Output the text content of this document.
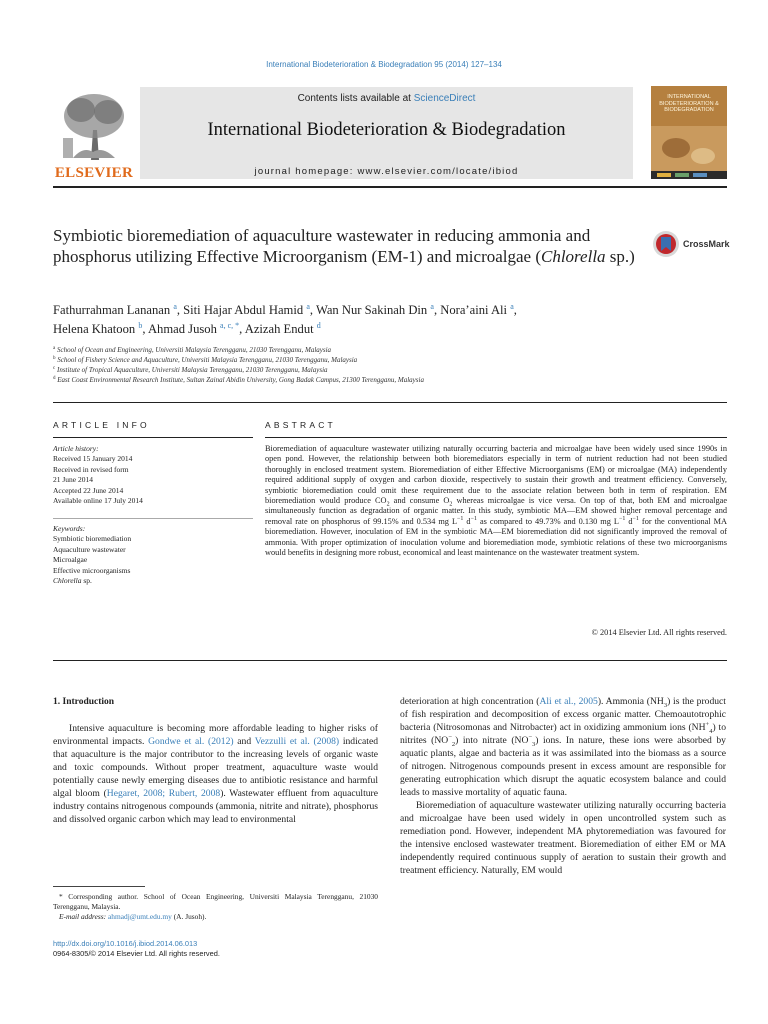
International Biodeterioration & Biodegradation 95 (2014) 127–134
ELSEVIER
Contents lists available at ScienceDirect
International Biodeterioration & Biodegradation
journal homepage: www.elsevier.com/locate/ibiod
INTERNATIONAL BIODETERIORATION & BIODEGRADATION
Symbiotic bioremediation of aquaculture wastewater in reducing ammonia and phosphorus utilizing Effective Microorganism (EM-1) and microalgae (Chlorella sp.)
CrossMark
Fathurrahman Lananan $^a$, Siti Hajar Abdul Hamid $^a$, Wan Nur Sakinah Din $^a$, Nora’aini Ali $^a$,
Helena Khatoon $^b$, Ahmad Jusoh $^{a, c, *}$, Azizah Endut $^d$
$^a$ School of Ocean and Engineering, Universiti Malaysia Terengganu, 21030 Terengganu, Malaysia
$^b$ School of Fishery Science and Aquaculture, Universiti Malaysia Terengganu, 21030 Terengganu, Malaysia
$^c$ Institute of Tropical Aquaculture, Universiti Malaysia Terengganu, 21030 Terengganu, Malaysia
$^d$ East Coast Environmental Research Institute, Sultan Zainal Abidin University, Gong Badak Campus, 21300 Terengganu, Malaysia
ARTICLE INFO	ABSTRACT
Article history:
Received 15 January 2014
Received in revised form
21 June 2014
Accepted 22 June 2014
Available online 17 July 2014
Keywords:
Symbiotic bioremediation
Aquaculture wastewater
Microalgae
Effective microorganisms
Chlorella sp.
Bioremediation of aquaculture wastewater utilizing naturally occurring bacteria and microalgae have been widely used since 1990s in open pond. However, the relationship between both bioremediators especially in term of nutrient reduction had not been studied thoroughly in enclosed treatment system. Bioremediation of either Effective Microorganisms (EM) or microalgae (MA) independently required additional supply of oxygen and carbon dioxide, respectively to sustain their growth and treatment efficiency. Conversely, symbiotic bioremediation could omit these requirement due to the associate relation between both in term of respiration. EM bioremediation would produce $CO_2$ and consume $O_2$ whereas microalgae is vice versa. On top of that, both EM and microalgae simultaneously function as degradation of organic matter. In this study, symbiotic MA—EM showed higher removal percentage and removal rate on phosphorus of 99.15% and 0.534 mg $L^{-1}$ $d^{-1}$ as compared to 49.73% and 0.130 mg $L^{-1}$ $d^{-1}$ for the conventional MA bioremediation. However, inoculation of EM in the symbiotic MA—EM bioremediation did not significantly improved the removal of ammonia. With proper optimization of inoculation volume and bioremediation mode, symbiotic relations of these two microorganisms would benefits in designing more robust, economical and least maintenance on the wastewater treatment system.
© 2014 Elsevier Ltd. All rights reserved.
1. Introduction

Intensive aquaculture is becoming more affordable leading to higher risks of environmental impacts. Gondwe et al. (2012) and Vezzulli et al. (2008) indicated that aquaculture is the major contributor to the increasing levels of organic waste and toxic compounds. Without proper treatment, aquaculture waste would potentially cause newly emerging diseases due to antibiotic resistance and harmful algal bloom (Hegaret, 2008; Rubert, 2008). Wastewater effluent from aquaculture industry contains nitrogenous compounds (ammonia, nitrite and nitrate), phosphorus and dissolved organic carbon which may lead to environmental

deterioration at high concentration (Ali et al., 2005). Ammonia $(NH_3)$ is the product of fish respiration and decomposition of excess organic matter. Chemoautotrophic bacteria (Nitrosomonas and Nitrobacter) act in oxidizing ammonium ions $(NH^+_4)$ to nitrites $(NO^-_2)$ into nitrate $(NO^-_3)$ ions. In nature, these ions were absorbed by aquatic plants, algae and bacteria as it was assimilated into the biomass as a source of nitrogen. Nitrogenous compounds present in excess amount are responsible for generating eutrophication which disrupt the aquatic ecosystem balance and could leads to massive mortality of aquatic fauna.

Bioremediation of aquaculture wastewater utilizing naturally occurring bacteria and microalgae have been used widely in open uncontrolled system such as remediation pond. However, independent MA phytoremediation was favoured for the intensive enclosed wastewater treatment. Bioremediation of either EM or MA independently required continuous supply of aeration to sustain their growth and treatment efficiency. Naturally, EM would

* Corresponding author. School of Ocean Engineering, Universiti Malaysia Terengganu, 21030 Terengganu, Malaysia.

E-mail address: ahmadj@umt.edu.my (A. Jusoh).

http://dx.doi.org/10.1016/j.ibiod.2014.06.013
0964-8305/© 2014 Elsevier Ltd. All rights reserved.
